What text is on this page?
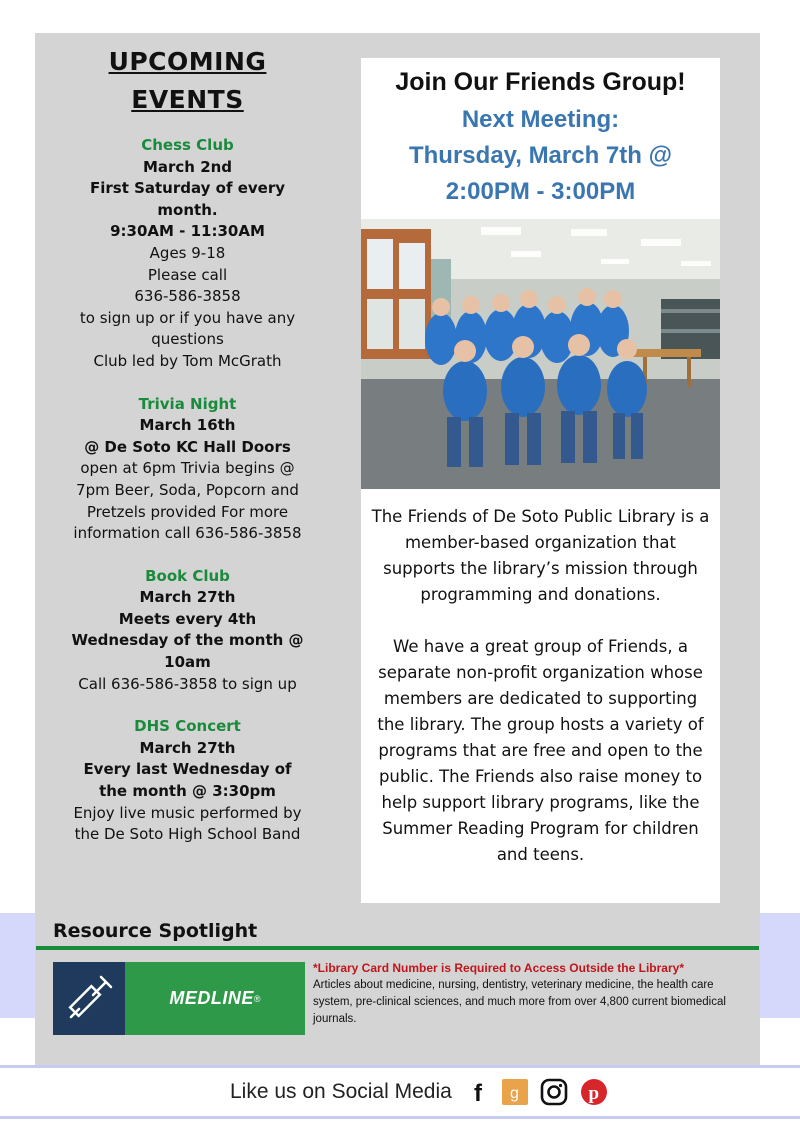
UPCOMING
EVENTS
Chess Club
March 2nd
First Saturday of every month.
9:30AM - 11:30AM
Ages 9-18
Please call
636-586-3858
to sign up or if you have any questions
Club led by Tom McGrath
Trivia Night
March 16th
@ De Soto KC Hall Doors
open at 6pm Trivia begins @ 7pm Beer, Soda, Popcorn and Pretzels provided For more information call 636-586-3858
Book Club
March 27th
Meets every 4th Wednesday of the month @ 10am
Call 636-586-3858 to sign up
DHS Concert
March 27th
Every last Wednesday of the month @ 3:30pm
Enjoy live music performed by the De Soto High School Band
Join Our Friends Group!
Next Meeting:
Thursday, March 7th @
2:00PM - 3:00PM

The Friends of De Soto Public Library is a member-based organization that supports the library’s mission through programming and donations.

We have a great group of Friends, a separate non-profit organization whose members are dedicated to supporting the library. The group hosts a variety of programs that are free and open to the public. The Friends also raise money to help support library programs, like the Summer Reading Program for children and teens.

Resource Spotlight
MEDLINE ®
*Library Card Number is Required to Access Outside the Library*
Articles about medicine, nursing, dentistry, veterinary medicine, the health care system, pre-clinical sciences, and much more from over 4,800 current biomedical journals.
Like us on Social Media f g	p
